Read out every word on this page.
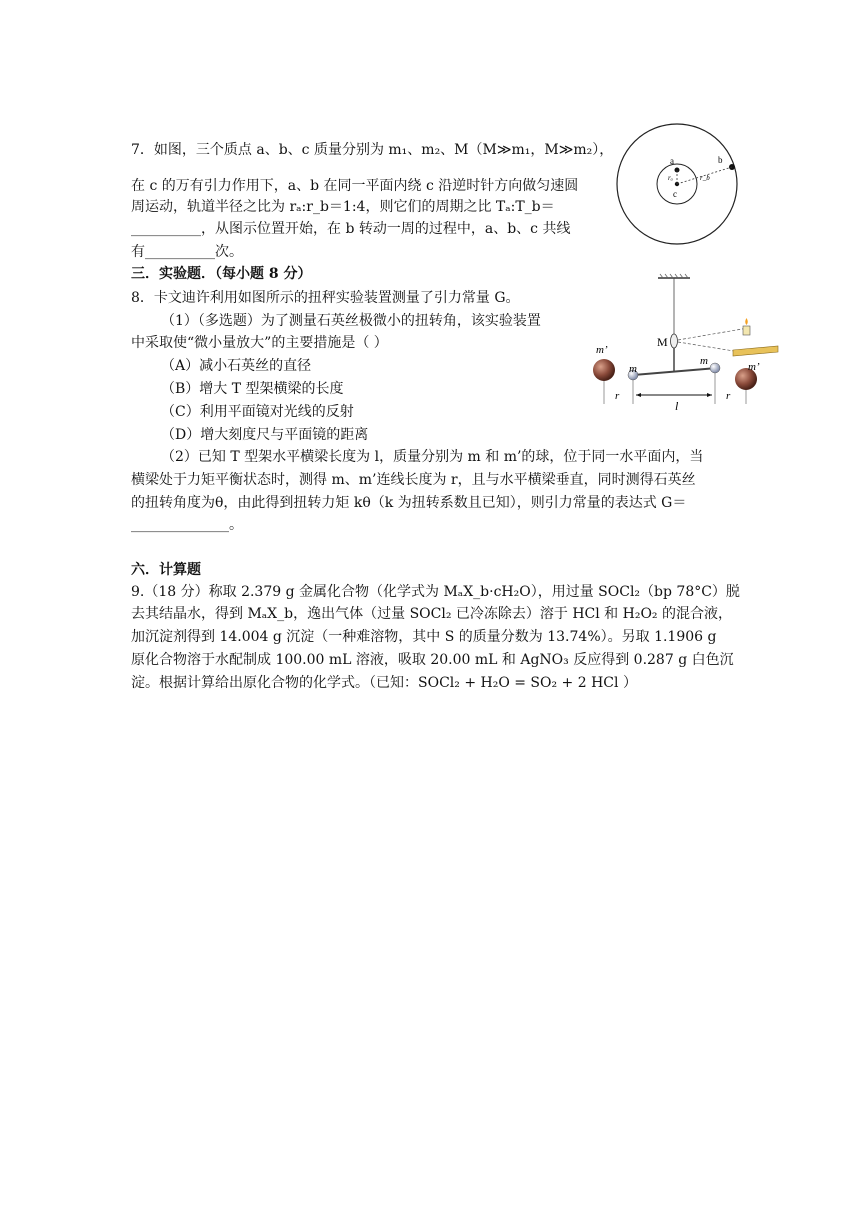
7．如图，三个质点 a、b、c 质量分别为 m₁、m₂、M（M≫m₁，M≫m₂），
在 c 的万有引力作用下，a、b 在同一平面内绕 c 沿逆时针方向做匀速圆
周运动，轨道半径之比为 rₐ:r_b＝1:4，则它们的周期之比 Tₐ:T_b＝
__________，从图示位置开始，在 b 转动一周的过程中，a、b、c 共线
有__________次。
a	b
c
rₐ	r_b
三．实验题．（每小题 8 分）
8．卡文迪许利用如图所示的扭秤实验装置测量了引力常量 G。
（1）（多选题）为了测量石英丝极微小的扭转角，该实验装置
中采取使“微小量放大”的主要措施是（ ）
（A）减小石英丝的直径
（B）增大 T 型架横梁的长度
（C）利用平面镜对光线的反射
（D）增大刻度尺与平面镜的距离
（2）已知 T 型架水平横梁长度为 l，质量分别为 m 和 m’的球，位于同一水平面内，当
横梁处于力矩平衡状态时，测得 m、m’连线长度为 r，且与水平横梁垂直，同时测得石英丝
的扭转角度为θ，由此得到扭转力矩 kθ（k 为扭转系数且已知），则引力常量的表达式 G＝
______________。
M
m’
m
m	m’
r
l
r
六．计算题
9.（18 分）称取 2.379 g 金属化合物（化学式为 MₐX_b·cH₂O），用过量 SOCl₂（bp 78°C）脱
去其结晶水，得到 MₐX_b，逸出气体（过量 SOCl₂ 已冷冻除去）溶于 HCl 和 H₂O₂ 的混合液，
加沉淀剂得到 14.004 g 沉淀（一种难溶物，其中 S 的质量分数为 13.74%）。另取 1.1906 g
原化合物溶于水配制成 100.00 mL 溶液，吸取 20.00 mL 和 AgNO₃ 反应得到 0.287 g 白色沉
淀。根据计算给出原化合物的化学式。（已知：SOCl₂ + H₂O = SO₂ + 2 HCl ）
